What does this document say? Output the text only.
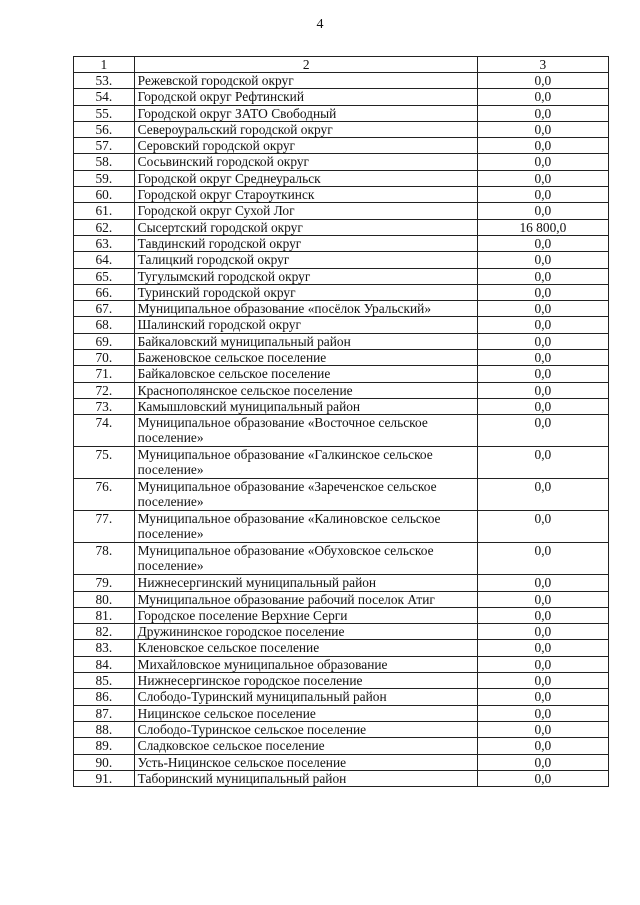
4
1	2	3
53.	Режевской городской округ	0,0
54.	Городской округ Рефтинский	0,0
55.	Городской округ ЗАТО Свободный	0,0
56.	Североуральский городской округ	0,0
57.	Серовский городской округ	0,0
58.	Сосьвинский городской округ	0,0
59.	Городской округ Среднеуральск	0,0
60.	Городской округ Староуткинск	0,0
61.	Городской округ Сухой Лог	0,0
62.	Сысертский городской округ	16 800,0
63.	Тавдинский городской округ	0,0
64.	Талицкий городской округ	0,0
65.	Тугулымский городской округ	0,0
66.	Туринский городской округ	0,0
67.	Муниципальное образование «посёлок Уральский»	0,0
68.	Шалинский городской округ	0,0
69.	Байкаловский муниципальный район	0,0
70.	Баженовское сельское поселение	0,0
71.	Байкаловское сельское поселение	0,0
72.	Краснополянское сельское поселение	0,0
73.	Камышловский муниципальный район	0,0
74.	Муниципальное образование «Восточное сельское поселение»	0,0
75.	Муниципальное образование «Галкинское сельское поселение»	0,0
76.	Муниципальное образование «Зареченское сельское поселение»	0,0
77.	Муниципальное образование «Калиновское сельское поселение»	0,0
78.	Муниципальное образование «Обуховское сельское поселение»	0,0
79.	Нижнесергинский муниципальный район	0,0
80.	Муниципальное образование рабочий поселок Атиг	0,0
81.	Городское поселение Верхние Серги	0,0
82.	Дружининское городское поселение	0,0
83.	Кленовское сельское поселение	0,0
84.	Михайловское муниципальное образование	0,0
85.	Нижнесергинское городское поселение	0,0
86.	Слободо-Туринский муниципальный район	0,0
87.	Ницинское сельское поселение	0,0
88.	Слободо-Туринское сельское поселение	0,0
89.	Сладковское сельское поселение	0,0
90.	Усть-Ницинское сельское поселение	0,0
91.	Таборинский муниципальный район	0,0
